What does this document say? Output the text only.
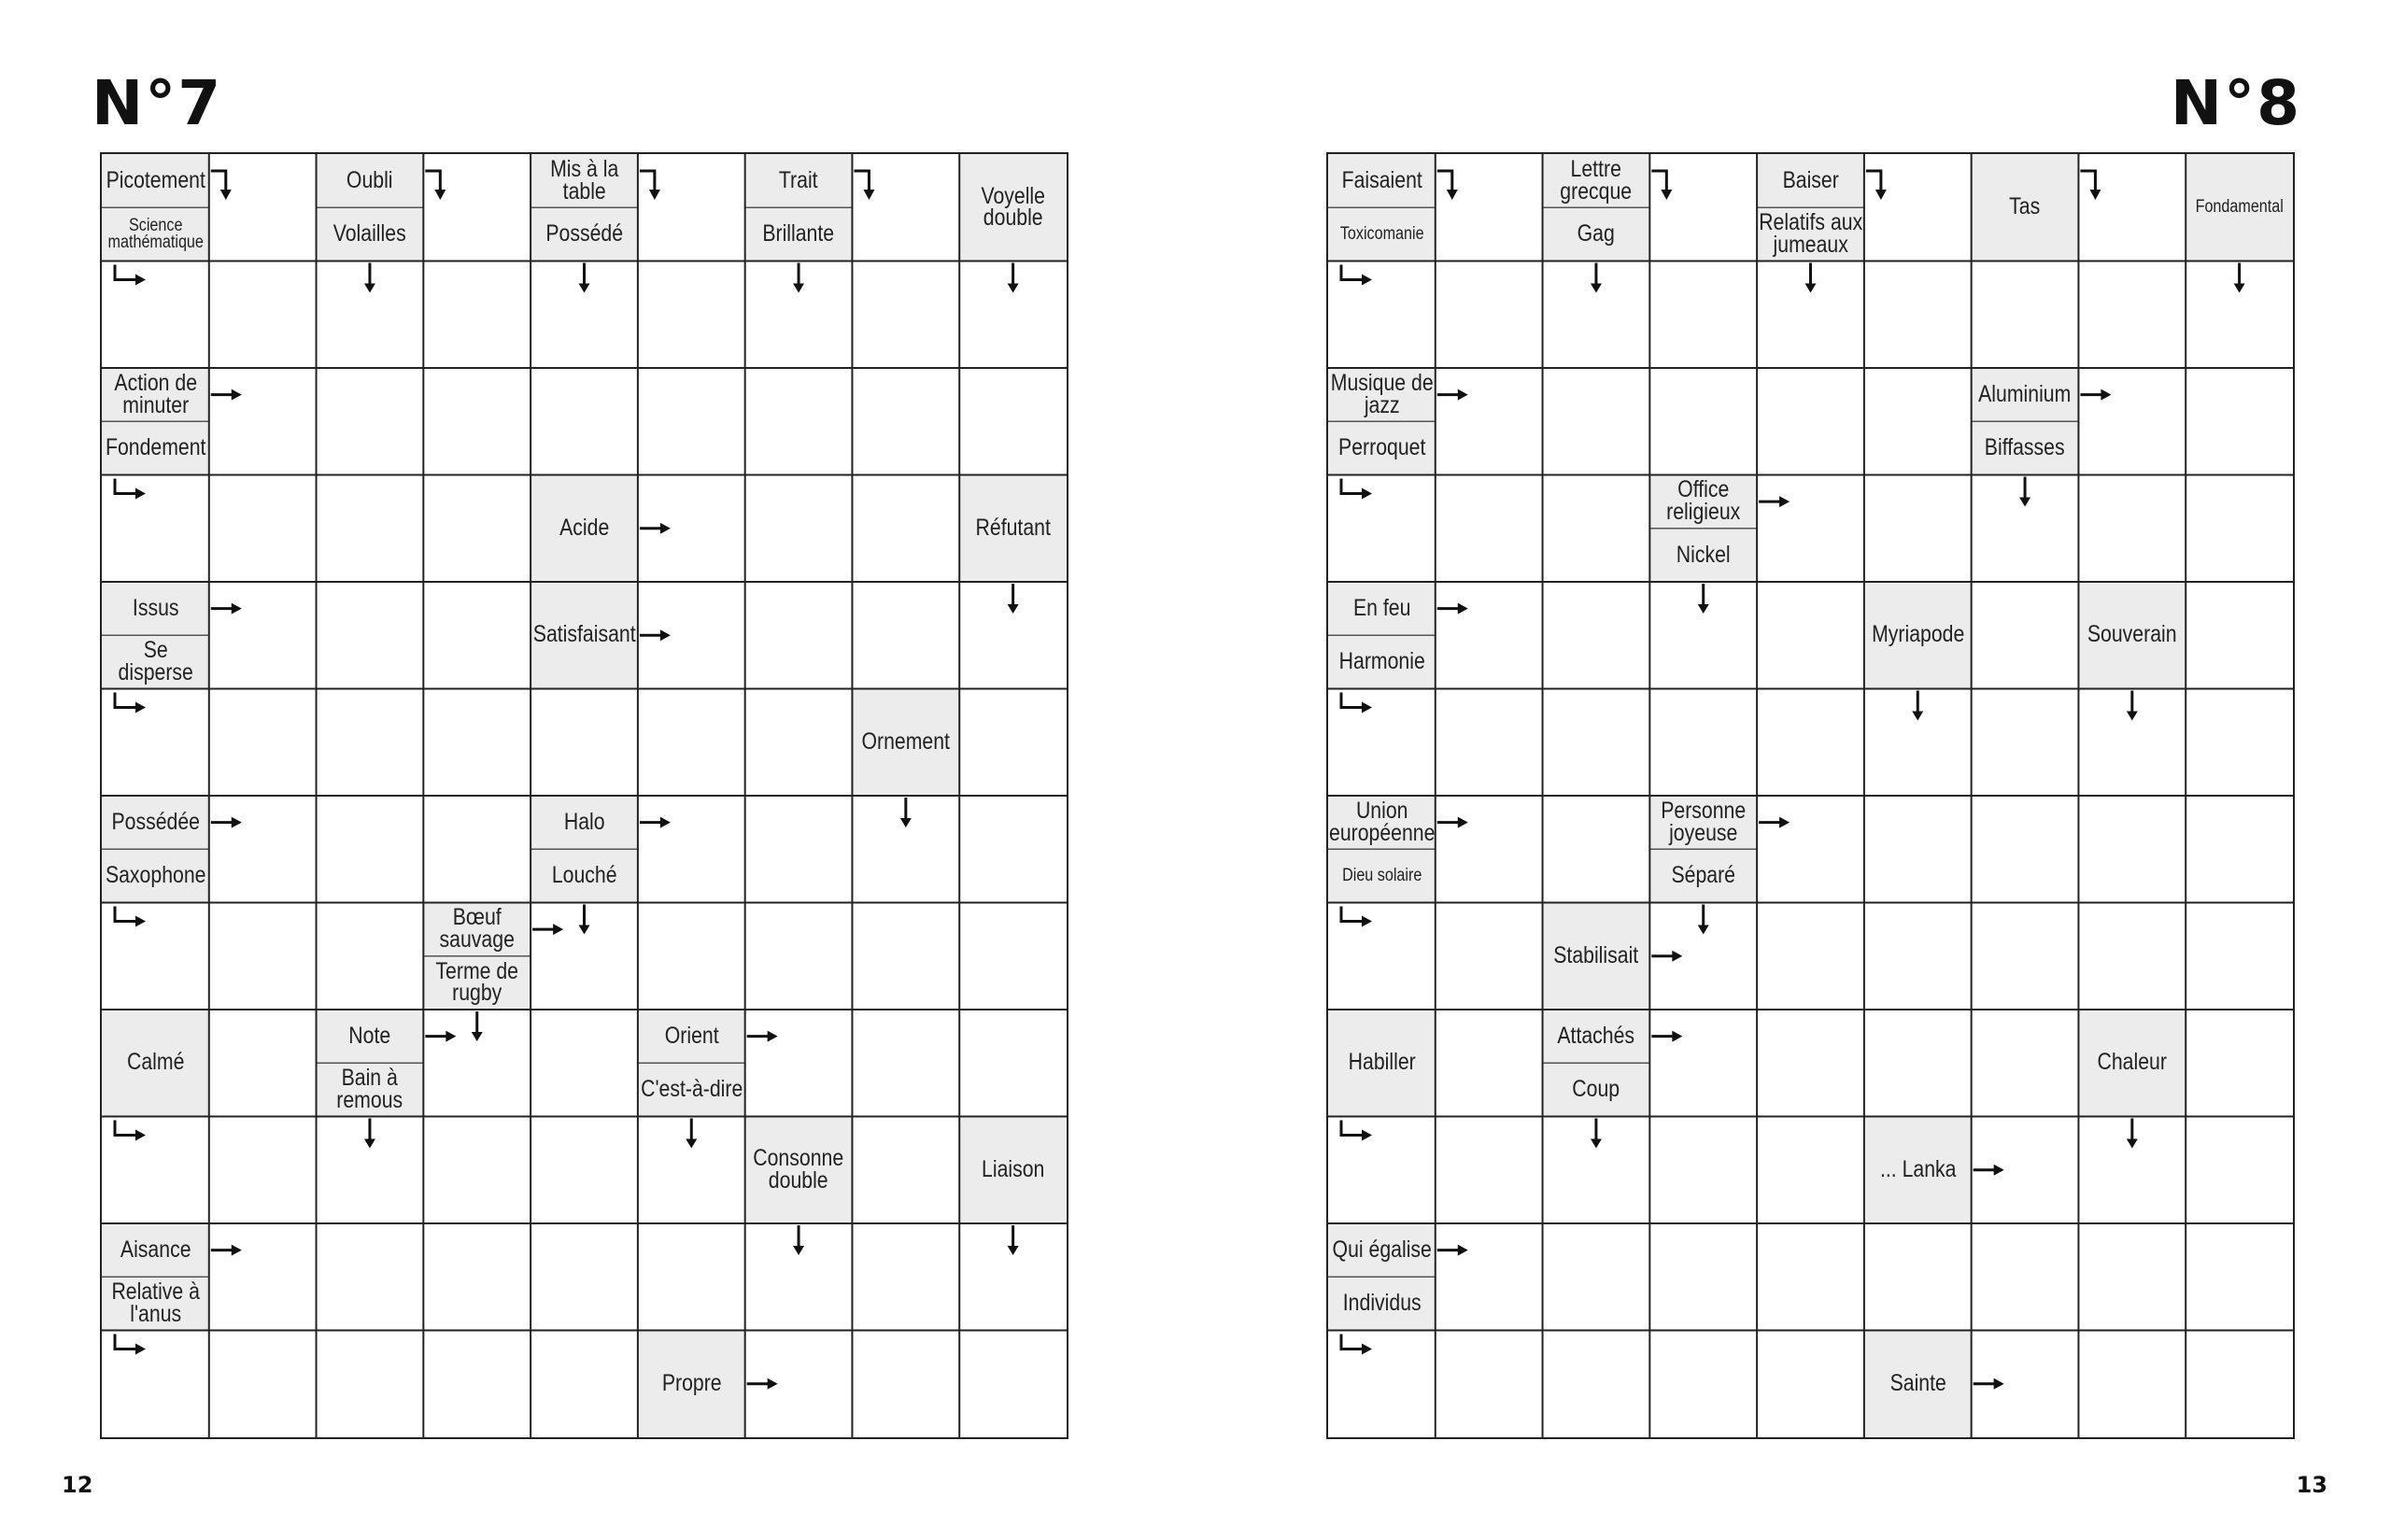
N°7	N°8
Picotement
Science mathématique
Oubli
Volailles
Mis à la table
Possédé
Trait
Brillante
Voyelle double
Action de minuter
Fondement
Acide	Réfutant
Issus
Se disperse
Satisfaisant
Ornement
Possédée
Saxophone
Halo
Louché
Bœuf sauvage
Terme de rugby
Calmé
Note
Bain à remous
Orient
C'est-à-dire
Consonne double	Liaison
Aisance
Relative à l'anus
Propre
Faisaient
Toxicomanie
Lettre grecque
Gag
Baiser
Relatifs aux jumeaux
Tas	Fondamental
Musique de jazz
Perroquet
Aluminium
Biffasses
Office religieux
Nickel
En feu
Harmonie
Myriapode	Souverain
Union européenne
Dieu solaire
Personne joyeuse
Séparé
Stabilisait
Habiller
Attachés
Coup
Chaleur
... Lanka
Qui égalise
Individus
Sainte
12	13
